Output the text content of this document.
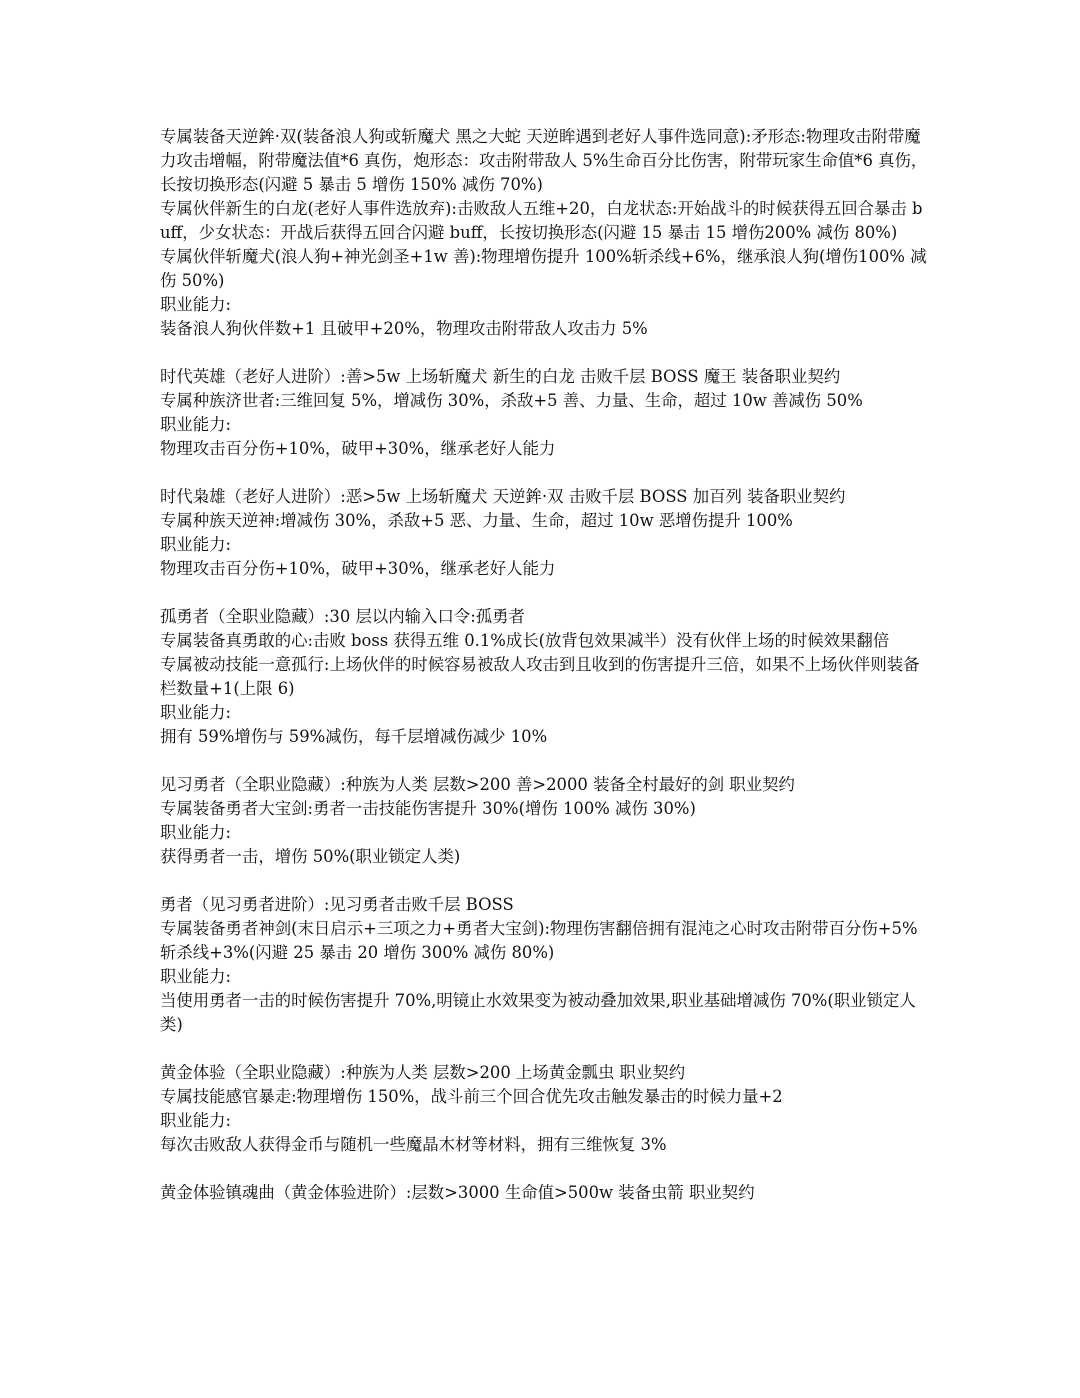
专属装备天逆鉾·双(装备浪人狗或斩魔犬 黑之大蛇 天逆眸遇到老好人事件选同意):矛形态:物理攻击附带魔力攻击增幅，附带魔法值*6 真伤，炮形态：攻击附带敌人 5%生命百分比伤害，附带玩家生命值*6 真伤，长按切换形态(闪避 5 暴击 5 增伤 150% 减伤 70%)
专属伙伴新生的白龙(老好人事件选放弃):击败敌人五维+20，白龙状态:开始战斗的时候获得五回合暴击 buff，少女状态：开战后获得五回合闪避 buff，长按切换形态(闪避 15 暴击 15 增伤200% 减伤 80%)
专属伙伴斩魔犬(浪人狗+神光剑圣+1w 善):物理增伤提升 100%斩杀线+6%，继承浪人狗(增伤100% 减伤 50%)
职业能力:
装备浪人狗伙伴数+1 且破甲+20%，物理攻击附带敌人攻击力 5%
时代英雄（老好人进阶）:善>5w 上场斩魔犬 新生的白龙 击败千层 BOSS 魔王 装备职业契约
专属种族济世者:三维回复 5%，增减伤 30%，杀敌+5 善、力量、生命，超过 10w 善减伤 50%
职业能力:
物理攻击百分伤+10%，破甲+30%，继承老好人能力
时代枭雄（老好人进阶）:恶>5w 上场斩魔犬 天逆鉾·双 击败千层 BOSS 加百列 装备职业契约
专属种族天逆神:增减伤 30%，杀敌+5 恶、力量、生命，超过 10w 恶增伤提升 100%
职业能力:
物理攻击百分伤+10%，破甲+30%，继承老好人能力
孤勇者（全职业隐藏）:30 层以内输入口令:孤勇者
专属装备真勇敢的心:击败 boss 获得五维 0.1%成长(放背包效果减半）没有伙伴上场的时候效果翻倍
专属被动技能一意孤行:上场伙伴的时候容易被敌人攻击到且收到的伤害提升三倍，如果不上场伙伴则装备栏数量+1(上限 6)
职业能力:
拥有 59%增伤与 59%减伤，每千层增减伤减少 10%
见习勇者（全职业隐藏）:种族为人类 层数>200 善>2000 装备全村最好的剑 职业契约
专属装备勇者大宝剑:勇者一击技能伤害提升 30%(增伤 100% 减伤 30%)
职业能力:
获得勇者一击，增伤 50%(职业锁定人类)
勇者（见习勇者进阶）:见习勇者击败千层 BOSS
专属装备勇者神剑(末日启示+三项之力+勇者大宝剑):物理伤害翻倍拥有混沌之心时攻击附带百分伤+5%斩杀线+3%(闪避 25 暴击 20 增伤 300% 减伤 80%)
职业能力:
当使用勇者一击的时候伤害提升 70%,明镜止水效果变为被动叠加效果,职业基础增减伤 70%(职业锁定人类)
黄金体验（全职业隐藏）:种族为人类 层数>200 上场黄金瓢虫 职业契约
专属技能感官暴走:物理增伤 150%，战斗前三个回合优先攻击触发暴击的时候力量+2
职业能力:
每次击败敌人获得金币与随机一些魔晶木材等材料，拥有三维恢复 3%
黄金体验镇魂曲（黄金体验进阶）:层数>3000 生命值>500w 装备虫箭 职业契约
